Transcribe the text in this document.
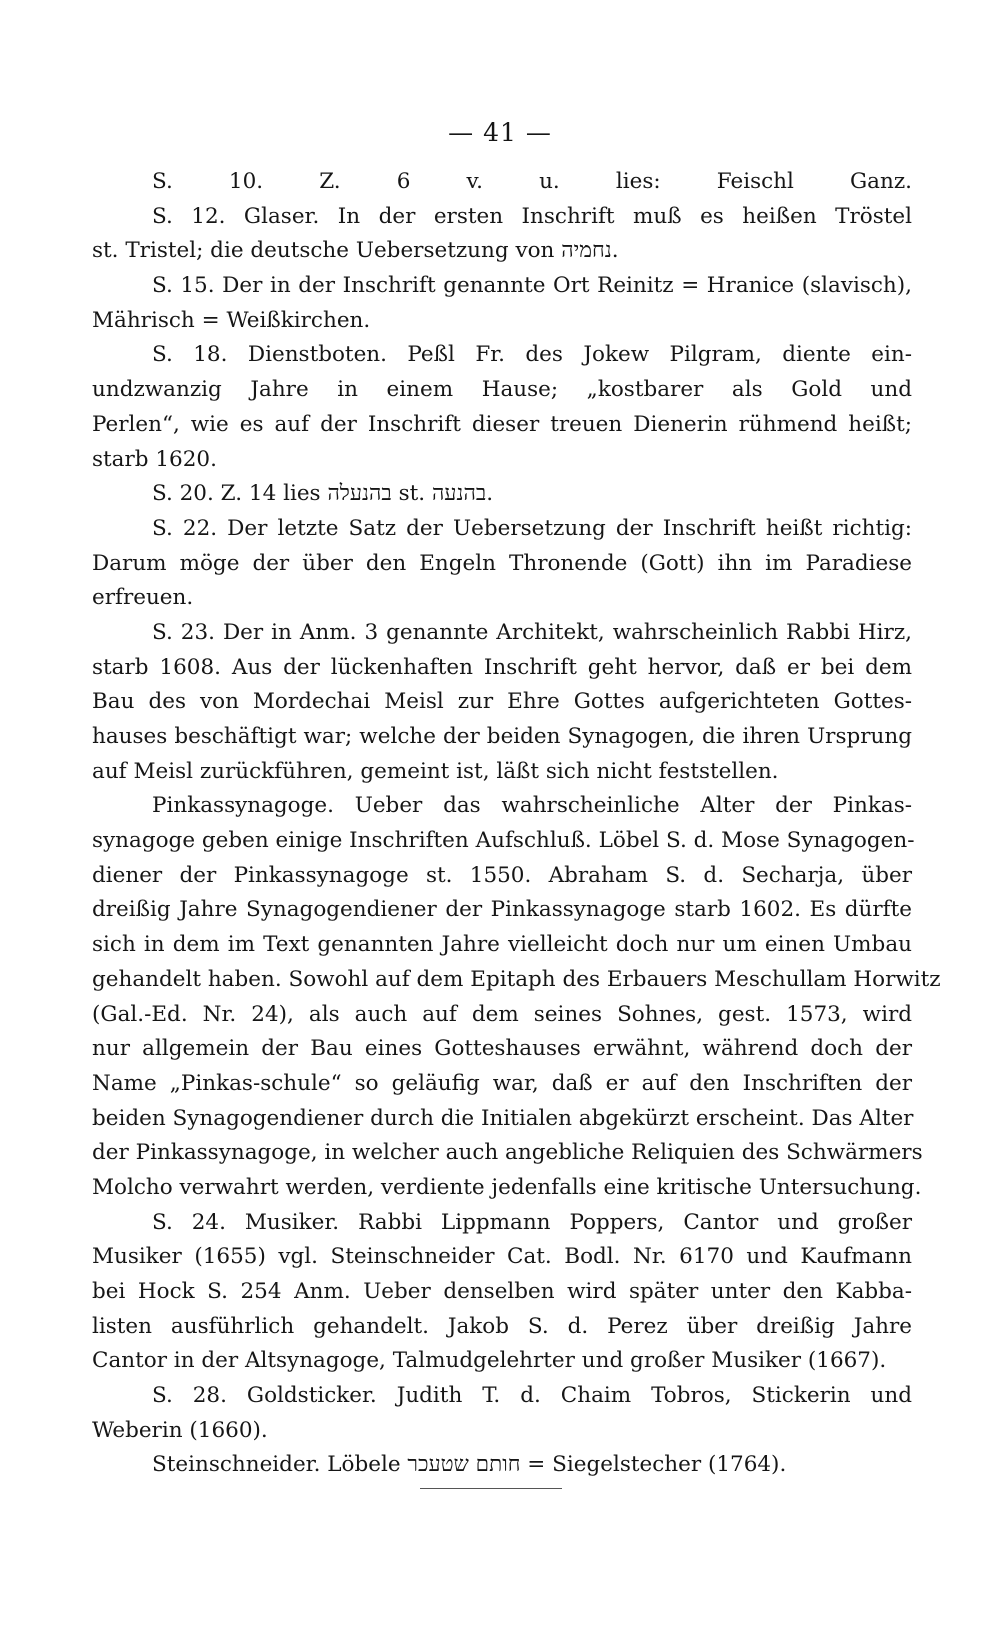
— 41 —
S. 10. Z. 6 v. u. lies: Feischl Ganz.
S. 12. Glaser. In der ersten Inschrift muß es heißen Tröstel
st. Tristel; die deutsche Uebersetzung von נחמיה.
S. 15. Der in der Inschrift genannte Ort Reinitz = Hranice (slavisch),
Mährisch = Weißkirchen.
S. 18. Dienstboten. Peßl Fr. des Jokew Pilgram, diente ein-
undzwanzig Jahre in einem Hause; „kostbarer als Gold und
Perlen“, wie es auf der Inschrift dieser treuen Dienerin rühmend heißt;
starb 1620.
S. 20. Z. 14 lies בהנעלה st. בהנעה.
S. 22. Der letzte Satz der Uebersetzung der Inschrift heißt richtig:
Darum möge der über den Engeln Thronende (Gott) ihn im Paradiese
erfreuen.
S. 23. Der in Anm. 3 genannte Architekt, wahrscheinlich Rabbi Hirz,
starb 1608. Aus der lückenhaften Inschrift geht hervor, daß er bei dem
Bau des von Mordechai Meisl zur Ehre Gottes aufgerichteten Gottes-
hauses beschäftigt war; welche der beiden Synagogen, die ihren Ursprung
auf Meisl zurückführen, gemeint ist, läßt sich nicht feststellen.
Pinkassynagoge. Ueber das wahrscheinliche Alter der Pinkas-
synagoge geben einige Inschriften Aufschluß. Löbel S. d. Mose Synagogen-
diener der Pinkassynagoge st. 1550. Abraham S. d. Secharja, über
dreißig Jahre Synagogendiener der Pinkassynagoge starb 1602. Es dürfte
sich in dem im Text genannten Jahre vielleicht doch nur um einen Umbau
gehandelt haben. Sowohl auf dem Epitaph des Erbauers Meschullam Horwitz
(Gal.-Ed. Nr. 24), als auch auf dem seines Sohnes, gest. 1573, wird
nur allgemein der Bau eines Gotteshauses erwähnt, während doch der
Name „Pinkas-schule“ so geläufig war, daß er auf den Inschriften der
beiden Synagogendiener durch die Initialen abgekürzt erscheint. Das Alter
der Pinkassynagoge, in welcher auch angebliche Reliquien des Schwärmers
Molcho verwahrt werden, verdiente jedenfalls eine kritische Untersuchung.
S. 24. Musiker. Rabbi Lippmann Poppers, Cantor und großer
Musiker (1655) vgl. Steinschneider Cat. Bodl. Nr. 6170 und Kaufmann
bei Hock S. 254 Anm. Ueber denselben wird später unter den Kabba-
listen ausführlich gehandelt. Jakob S. d. Perez über dreißig Jahre
Cantor in der Altsynagoge, Talmudgelehrter und großer Musiker (1667).
S. 28. Goldsticker. Judith T. d. Chaim Tobros, Stickerin und
Weberin (1660).
Steinschneider. Löbele חותם שטעכר = Siegelstecher (1764).
